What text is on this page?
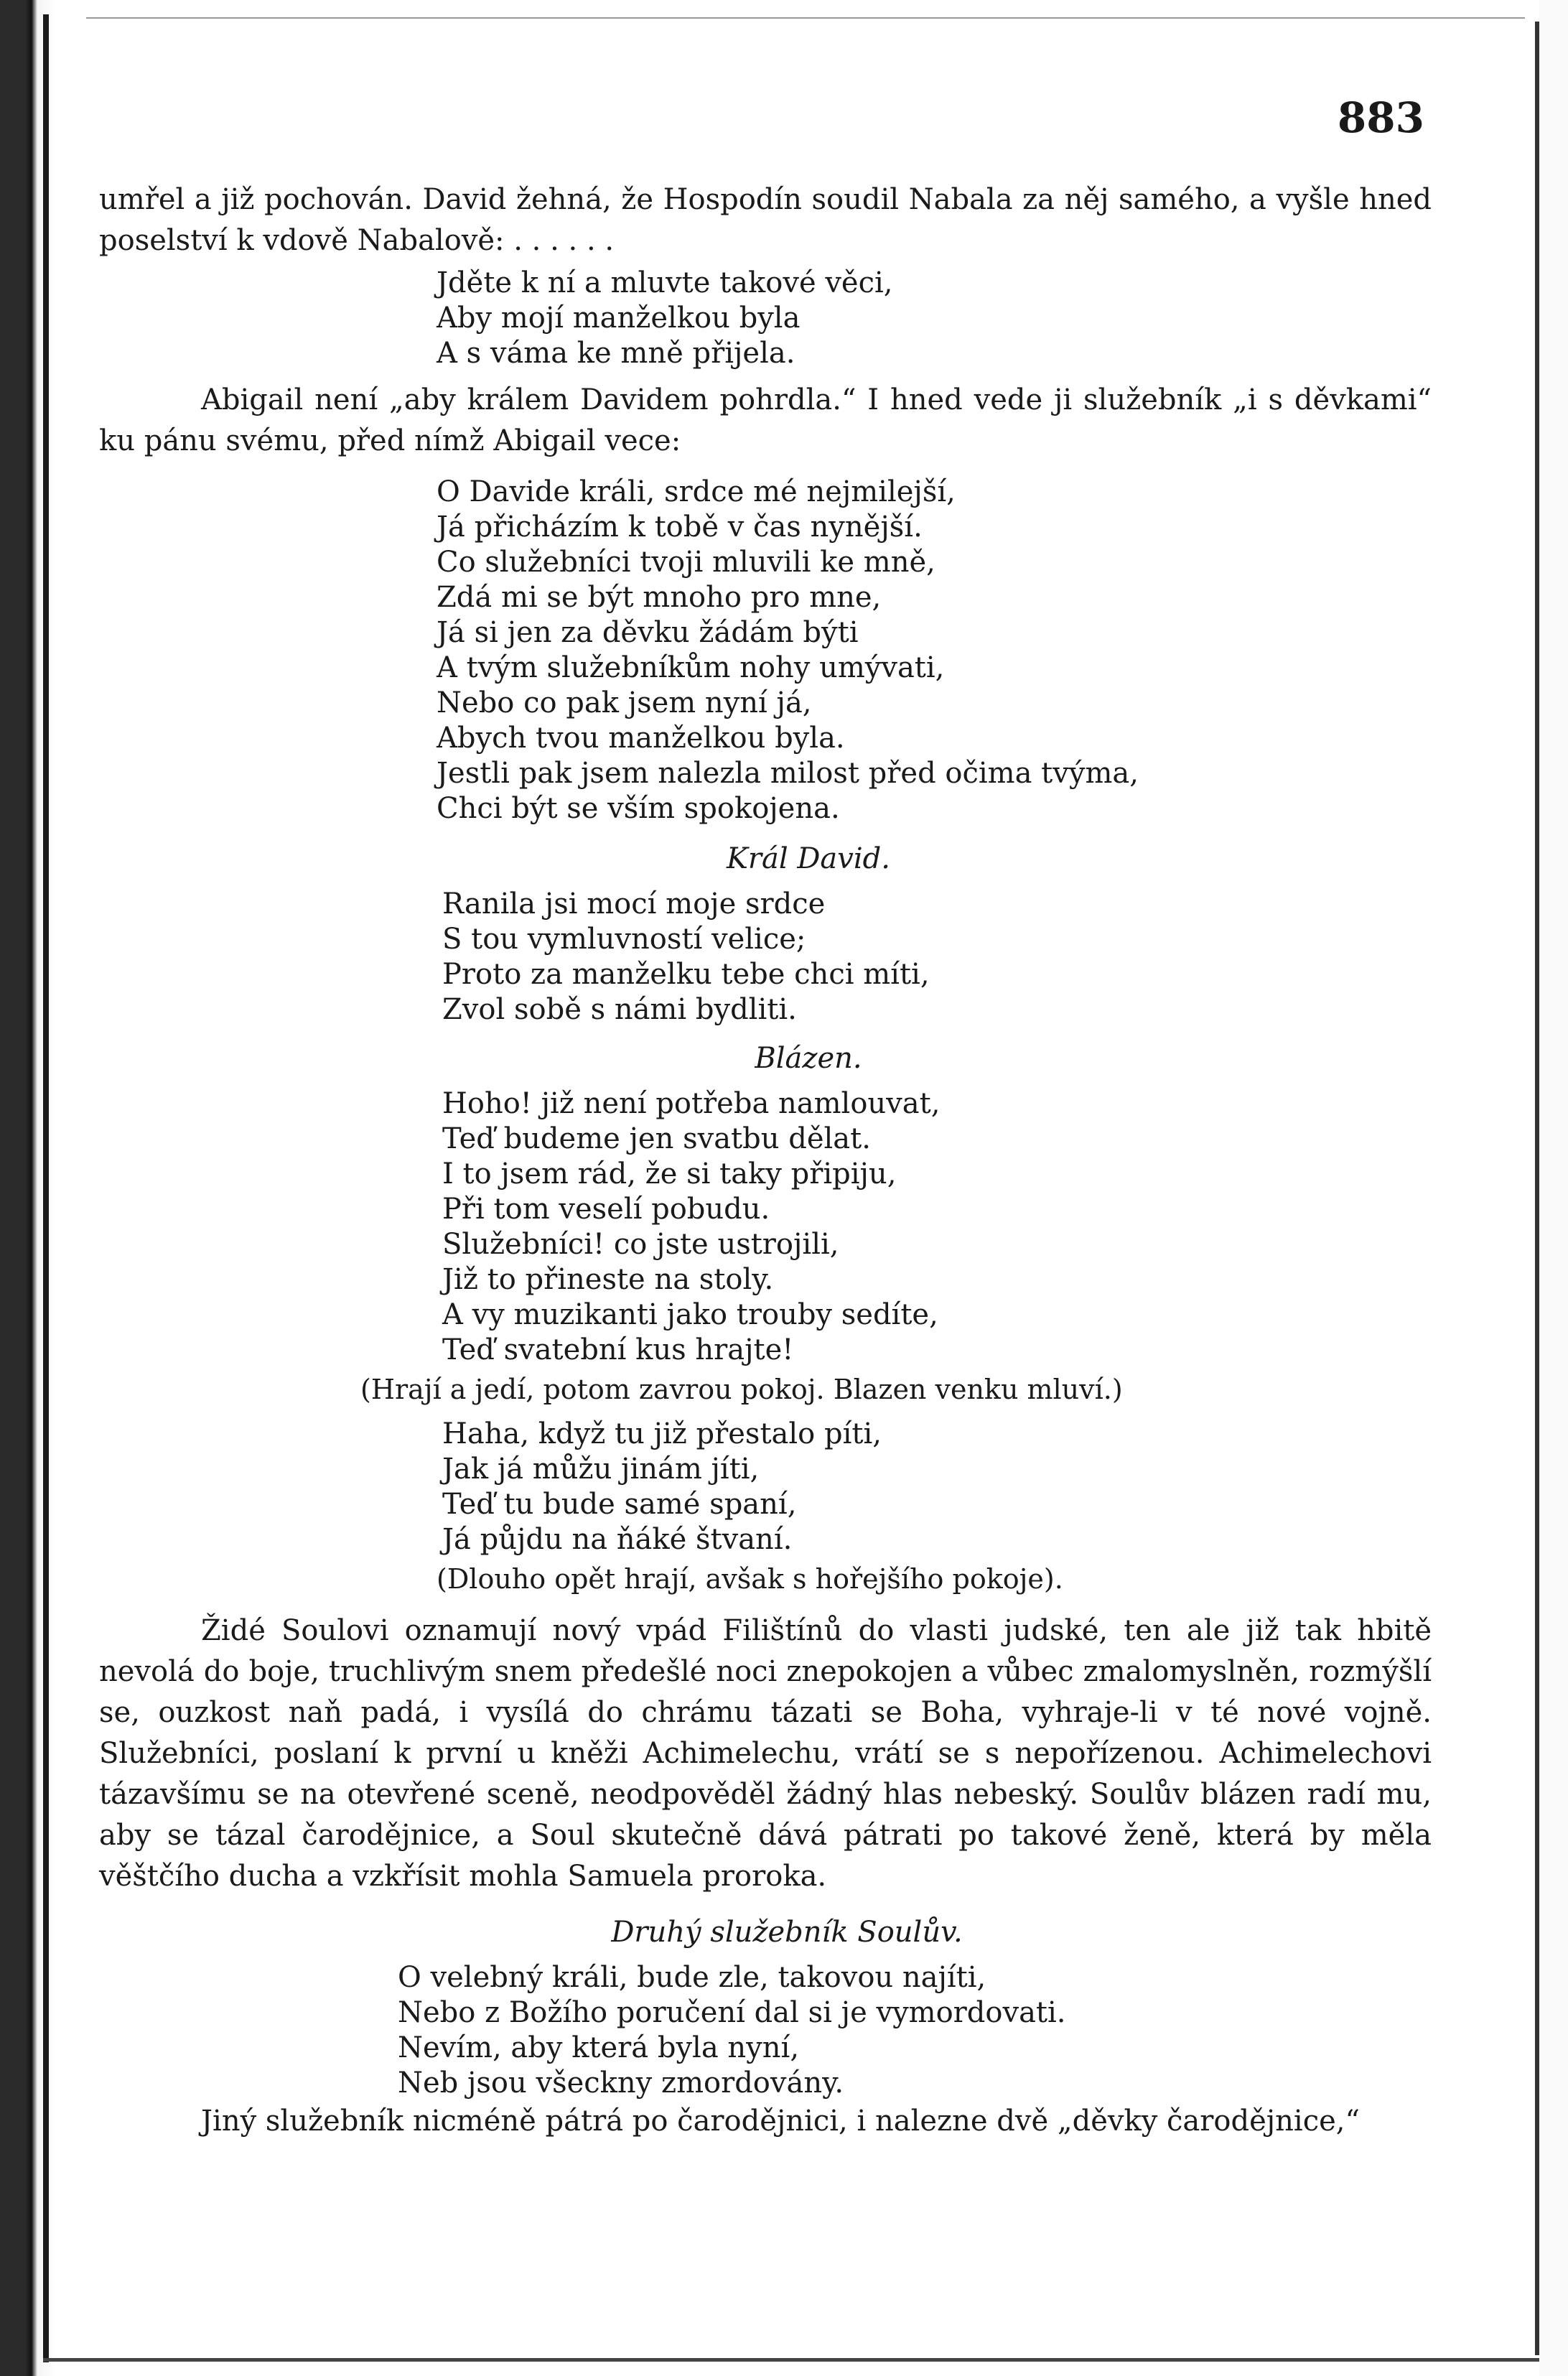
883

umřel a již pochován. David žehná, že Hospodín soudil Nabala za něj samého, a vyšle hned poselství k vdově Nabalově: . . . . . .

Jděte k ní a mluvte takové věci,
Aby mojí manželkou byla
A s váma ke mně přijela.

Abigail není „aby králem Davidem pohrdla.“ I hned vede ji služebník „i s děvkami“ ku pánu svému, před nímž Abigail vece:

O Davide králi, srdce mé nejmilejší,
Já přicházím k tobě v čas nynější.
Co služebníci tvoji mluvili ke mně,
Zdá mi se být mnoho pro mne,
Já si jen za děvku žádám býti
A tvým služebníkům nohy umývati,
Nebo co pak jsem nyní já,
Abych tvou manželkou byla.
Jestli pak jsem nalezla milost před očima tvýma,
Chci být se vším spokojena.
Král David.
Ranila jsi mocí moje srdce
S tou vymluvností velice;
Proto za manželku tebe chci míti,
Zvol sobě s námi bydliti.
Blázen.
Hoho! již není potřeba namlouvat,
Teď budeme jen svatbu dělat.
I to jsem rád, že si taky připiju,
Při tom veselí pobudu.
Služebníci! co jste ustrojili,
Již to přineste na stoly.
A vy muzikanti jako trouby sedíte,
Teď svatební kus hrajte!
(Hrají a jedí, potom zavrou pokoj. Blazen venku mluví.)
Haha, když tu již přestalo píti,
Jak já můžu jinám jíti,
Teď tu bude samé spaní,
Já půjdu na ňáké štvaní.
(Dlouho opět hrají, avšak s hořejšího pokoje).

Židé Soulovi oznamují nový vpád Filištínů do vlasti judské, ten ale již tak hbitě nevolá do boje, truchlivým snem předešlé noci znepokojen a vůbec zmalomyslněn, rozmýšlí se, ouzkost naň padá, i vysílá do chrámu tázati se Boha, vyhraje-li v té nové vojně. Služebníci, poslaní k první u kněži Achimelechu, vrátí se s nepořízenou. Achimelechovi tázavšímu se na otevřené sceně, neodpověděl žádný hlas nebeský. Soulův blázen radí mu, aby se tázal čarodějnice, a Soul skutečně dává pátrati po takové ženě, která by měla věštčího ducha a vzkřísit mohla Samuela proroka.

Druhý služebník Soulův.
O velebný králi, bude zle, takovou najíti,
Nebo z Božího poručení dal si je vymordovati.
Nevím, aby která byla nyní,
Neb jsou všeckny zmordovány.

Jiný služebník nicméně pátrá po čarodějnici, i nalezne dvě „děvky čarodějnice,“
